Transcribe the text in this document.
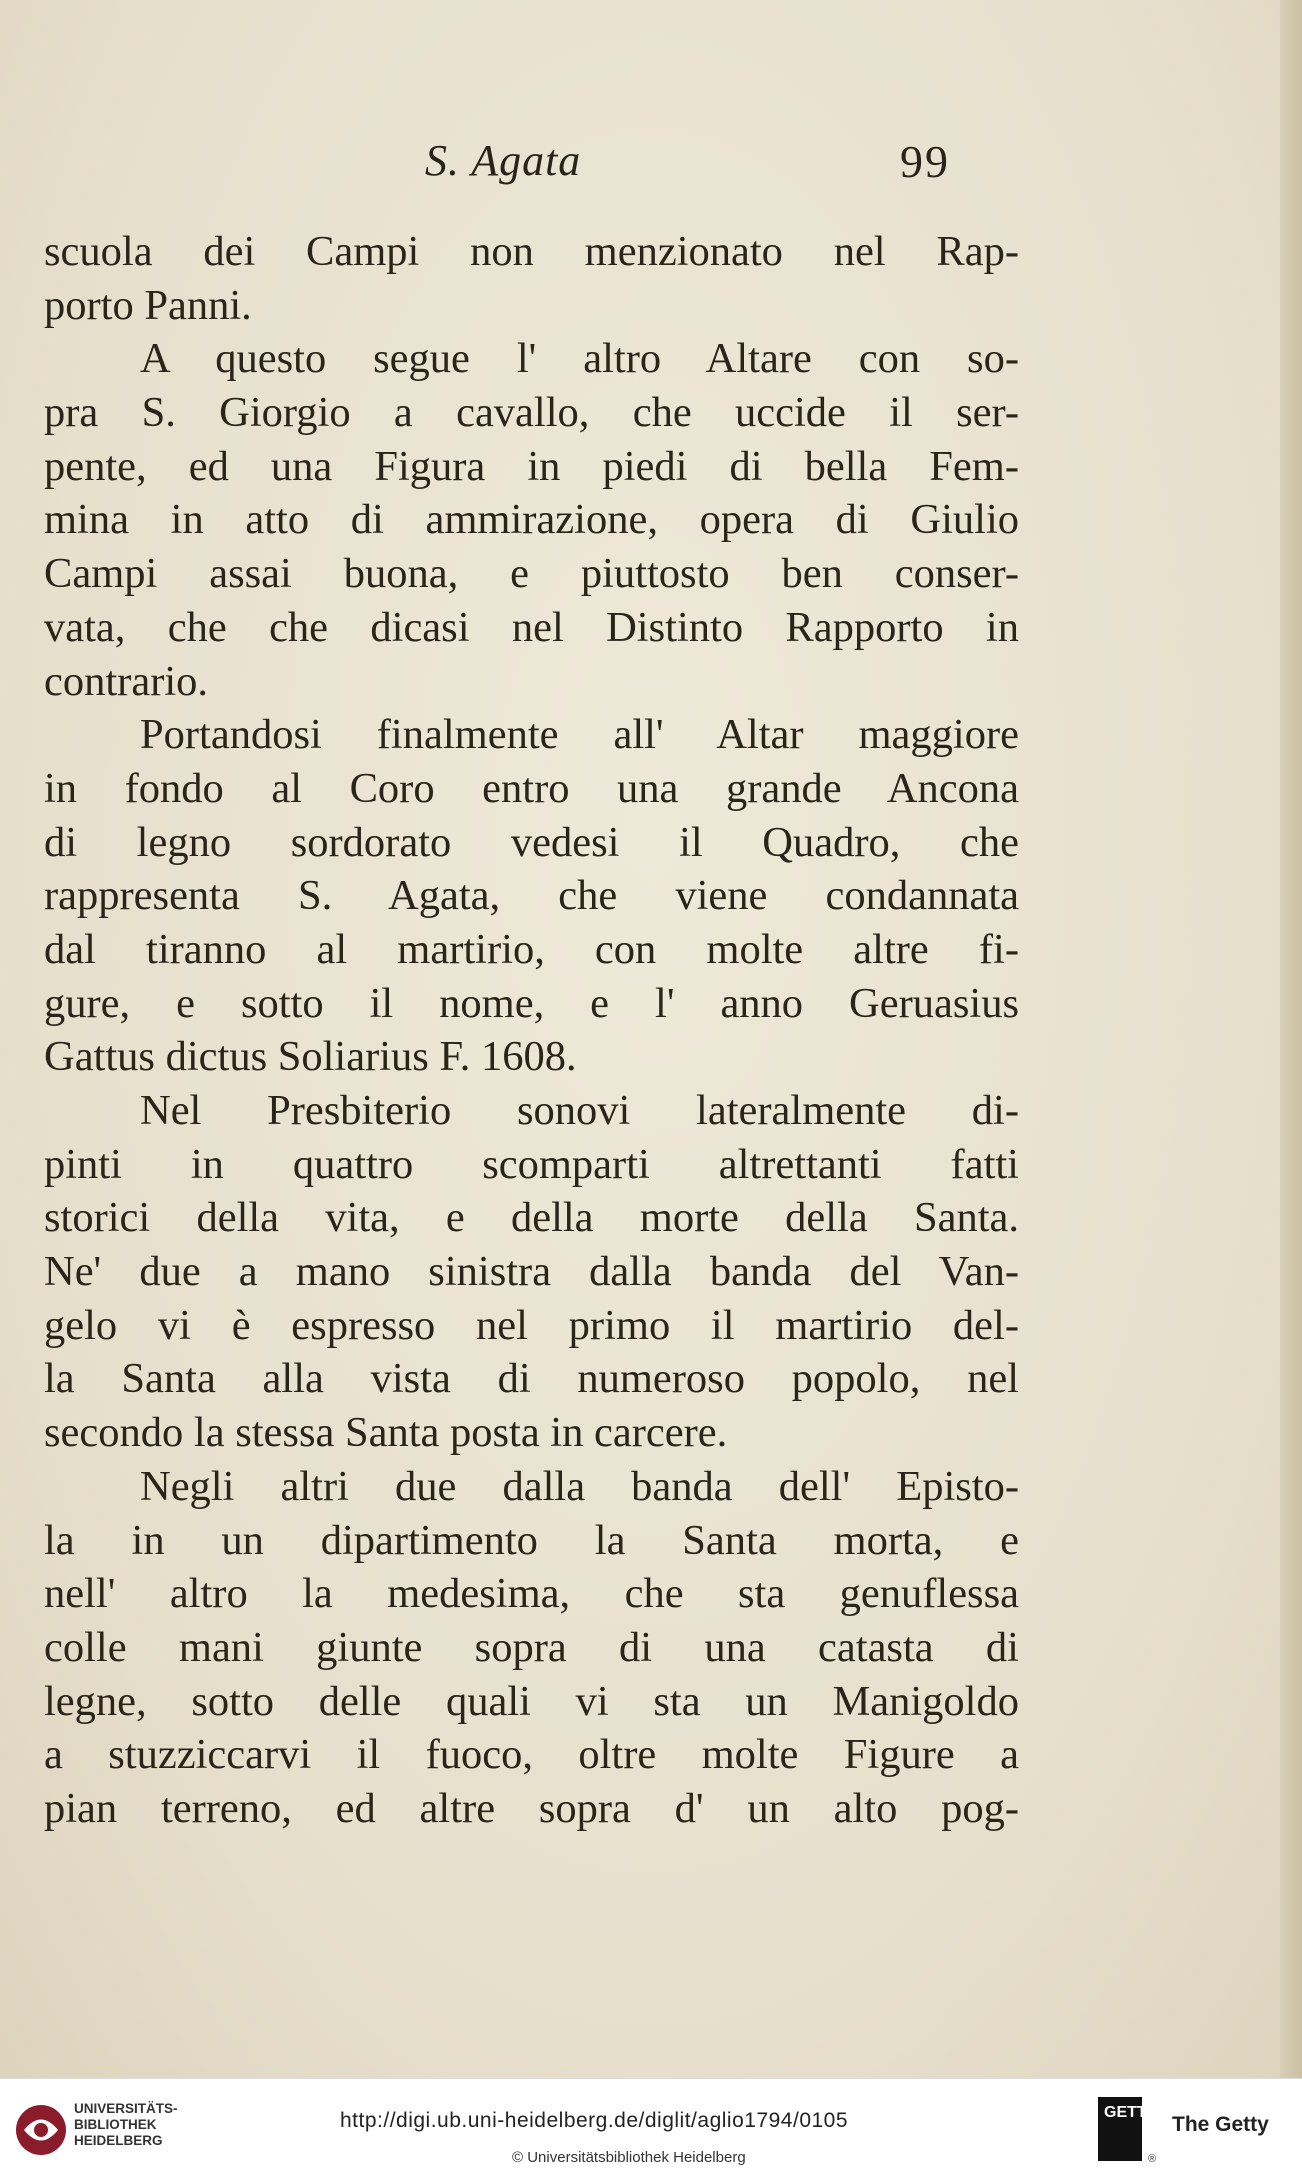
S. Agata	99
scuola dei Campi non menzionato nel Rap-
porto Panni.
A questo segue l' altro Altare con so-
pra S. Giorgio a cavallo, che uccide il ser-
pente, ed una Figura in piedi di bella Fem-
mina in atto di ammirazione, opera di Giulio
Campi assai buona, e piuttosto ben conser-
vata, che che dicasi nel Distinto Rapporto in
contrario.
Portandosi finalmente all' Altar maggiore
in fondo al Coro entro una grande Ancona
di legno sordorato vedesi il Quadro, che
rappresenta S. Agata, che viene condannata
dal tiranno al martirio, con molte altre fi-
gure, e sotto il nome, e l' anno Geruasius
Gattus dictus Soliarius F. 1608.
Nel Presbiterio sonovi lateralmente di-
pinti in quattro scomparti altrettanti fatti
storici della vita, e della morte della Santa.
Ne' due a mano sinistra dalla banda del Van-
gelo vi è espresso nel primo il martirio del-
la Santa alla vista di numeroso popolo, nel
secondo la stessa Santa posta in carcere.
Negli altri due dalla banda dell' Episto-
la in un dipartimento la Santa morta, e
nell' altro la medesima, che sta genuflessa
colle mani giunte sopra di una catasta di
legne, sotto delle quali vi sta un Manigoldo
a stuzziccarvi il fuoco, oltre molte Figure a
pian terreno, ed altre sopra d' un alto pog-
UNIVERSITÄTS-
BIBLIOTHEK
HEIDELBERG
http://digi.ub.uni-heidelberg.de/diglit/aglio1794/0105
© Universitätsbibliothek Heidelberg
GETTY
The Getty
®
